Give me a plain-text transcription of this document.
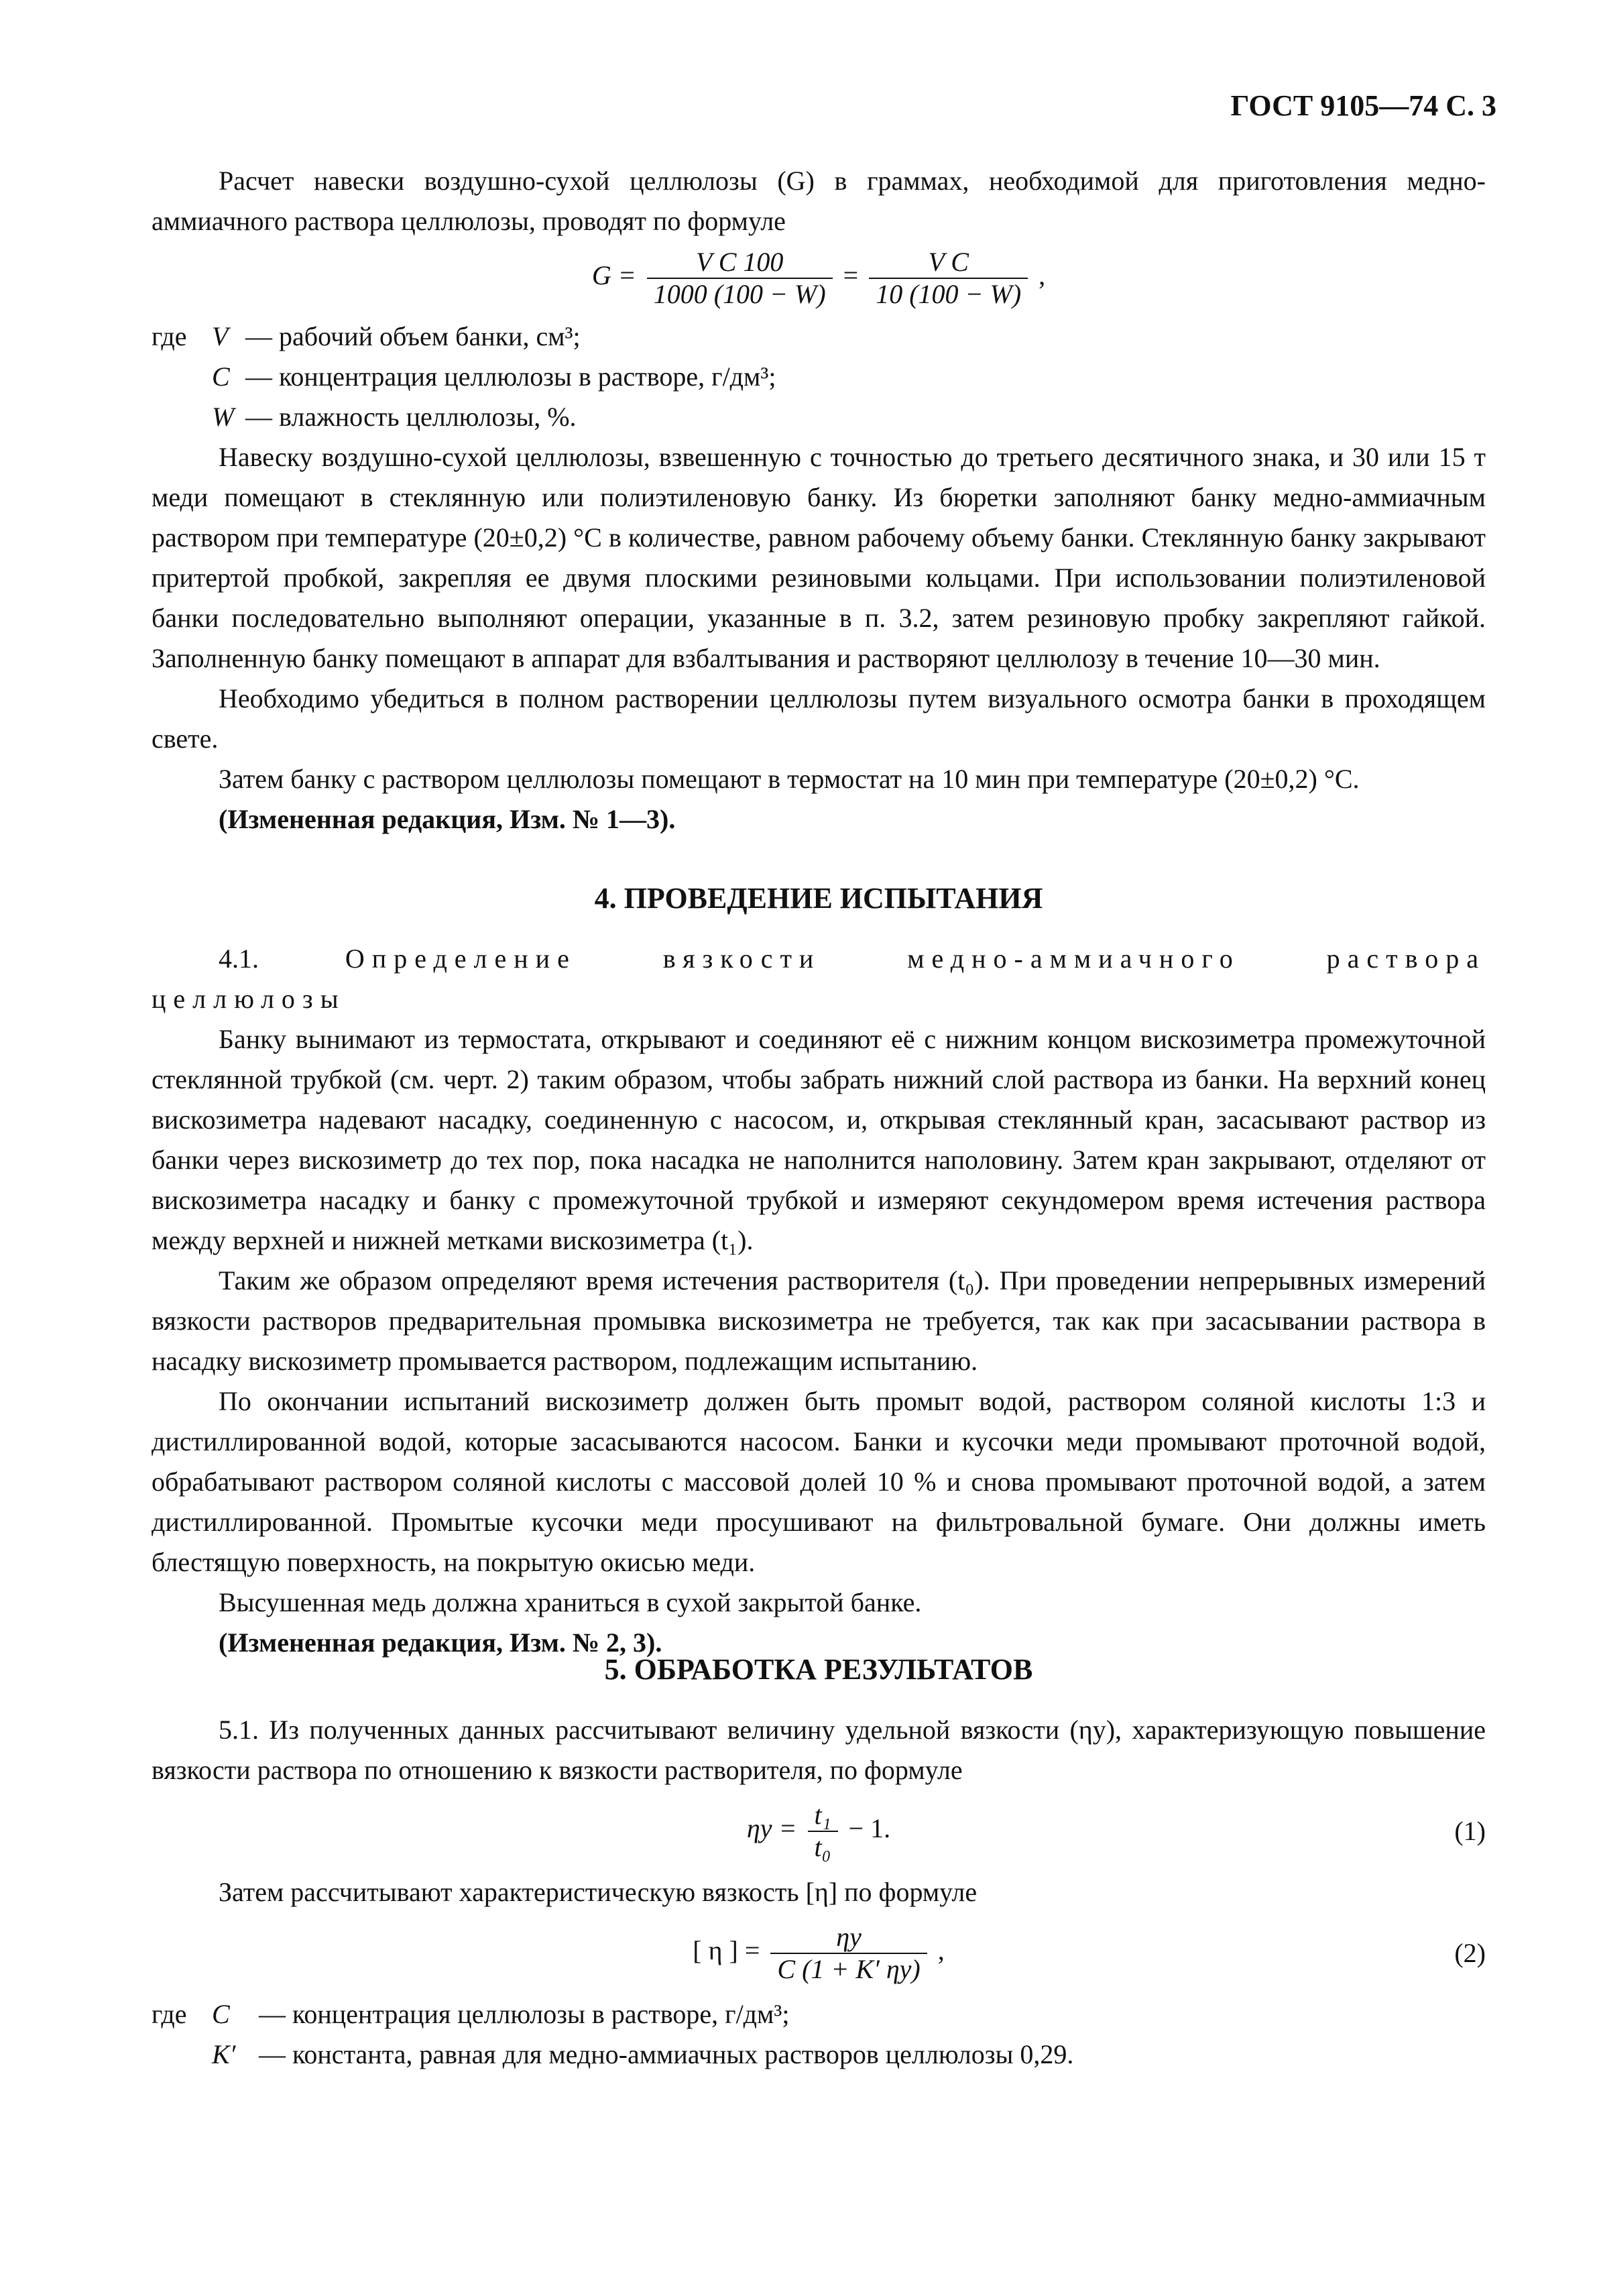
ГОСТ 9105—74 С. 3

Расчет навески воздушно-сухой целлюлозы (G) в граммах, необходимой для приготовления медно-аммиачного раствора целлюлозы, проводят по формуле

$G = \frac{\text{V C 100}}{1000 (100 - W)} = \frac{\text{V C}}{10 (100 - W)}$ ,
где V — рабочий объем банки, см³;
C — концентрация целлюлозы в растворе, г/дм³;
W — влажность целлюлозы, %.

Навеску воздушно-сухой целлюлозы, взвешенную с точностью до третьего десятичного знака, и 30 или 15 т меди помещают в стеклянную или полиэтиленовую банку. Из бюретки заполняют банку медно-аммиачным раствором при температуре (20±0,2) °С в количестве, равном рабочему объему банки. Стеклянную банку закрывают притертой пробкой, закрепляя ее двумя плоскими резиновыми кольцами. При использовании полиэтиленовой банки последовательно выполняют операции, указанные в п. 3.2, затем резиновую пробку закрепляют гайкой. Заполненную банку помещают в аппарат для взбалтывания и растворяют целлюлозу в течение 10—30 мин.

Необходимо убедиться в полном растворении целлюлозы путем визуального осмотра банки в проходящем свете.

Затем банку с раствором целлюлозы помещают в термостат на 10 мин при температуре (20±0,2) °С.

(Измененная редакция, Изм. № 1—3).

4. ПРОВЕДЕНИЕ ИСПЫТАНИЯ

4.1.	Определение вязкости медно-аммиачного раствора

целлюлозы

Банку вынимают из термостата, открывают и соединяют её с нижним концом вискозиметра промежуточной стеклянной трубкой (см. черт. 2) таким образом, чтобы забрать нижний слой раствора из банки. На верхний конец вискозиметра надевают насадку, соединенную с насосом, и, открывая стеклянный кран, засасывают раствор из банки через вискозиметр до тех пор, пока насадка не наполнится наполовину. Затем кран закрывают, отделяют от вискозиметра насадку и банку с промежуточной трубкой и измеряют секундомером время истечения раствора между верхней и нижней метками вискозиметра (t₁).

Таким же образом определяют время истечения растворителя (t₀). При проведении непрерывных измерений вязкости растворов предварительная промывка вискозиметра не требуется, так как при засасывании раствора в насадку вискозиметр промывается раствором, подлежащим испытанию.

По окончании испытаний вискозиметр должен быть промыт водой, раствором соляной кислоты 1:3 и дистиллированной водой, которые засасываются насосом. Банки и кусочки меди промывают проточной водой, обрабатывают раствором соляной кислоты с массовой долей 10 % и снова промывают проточной водой, а затем дистиллированной. Промытые кусочки меди просушивают на фильтровальной бумаге. Они должны иметь блестящую поверхность, на покрытую окисью меди.

Высушенная медь должна храниться в сухой закрытой банке.

(Измененная редакция, Изм. № 2, 3).

5. ОБРАБОТКА РЕЗУЛЬТАТОВ

5.1. Из полученных данных рассчитывают величину удельной вязкости (ηу), характеризующую повышение вязкости раствора по отношению к вязкости растворителя, по формуле

$\eta у = \frac{\text{t₁}}{\text{t₀}} - 1$.	(1)

Затем рассчитывают характеристическую вязкость [η] по формуле

[ η ] = $\frac{\eta у}{C (1 + K' \eta у)}$ ,	(2)
где C	— концентрация целлюлозы в растворе, г/дм³;
K′ — константа, равная для медно-аммиачных растворов целлюлозы 0,29.
